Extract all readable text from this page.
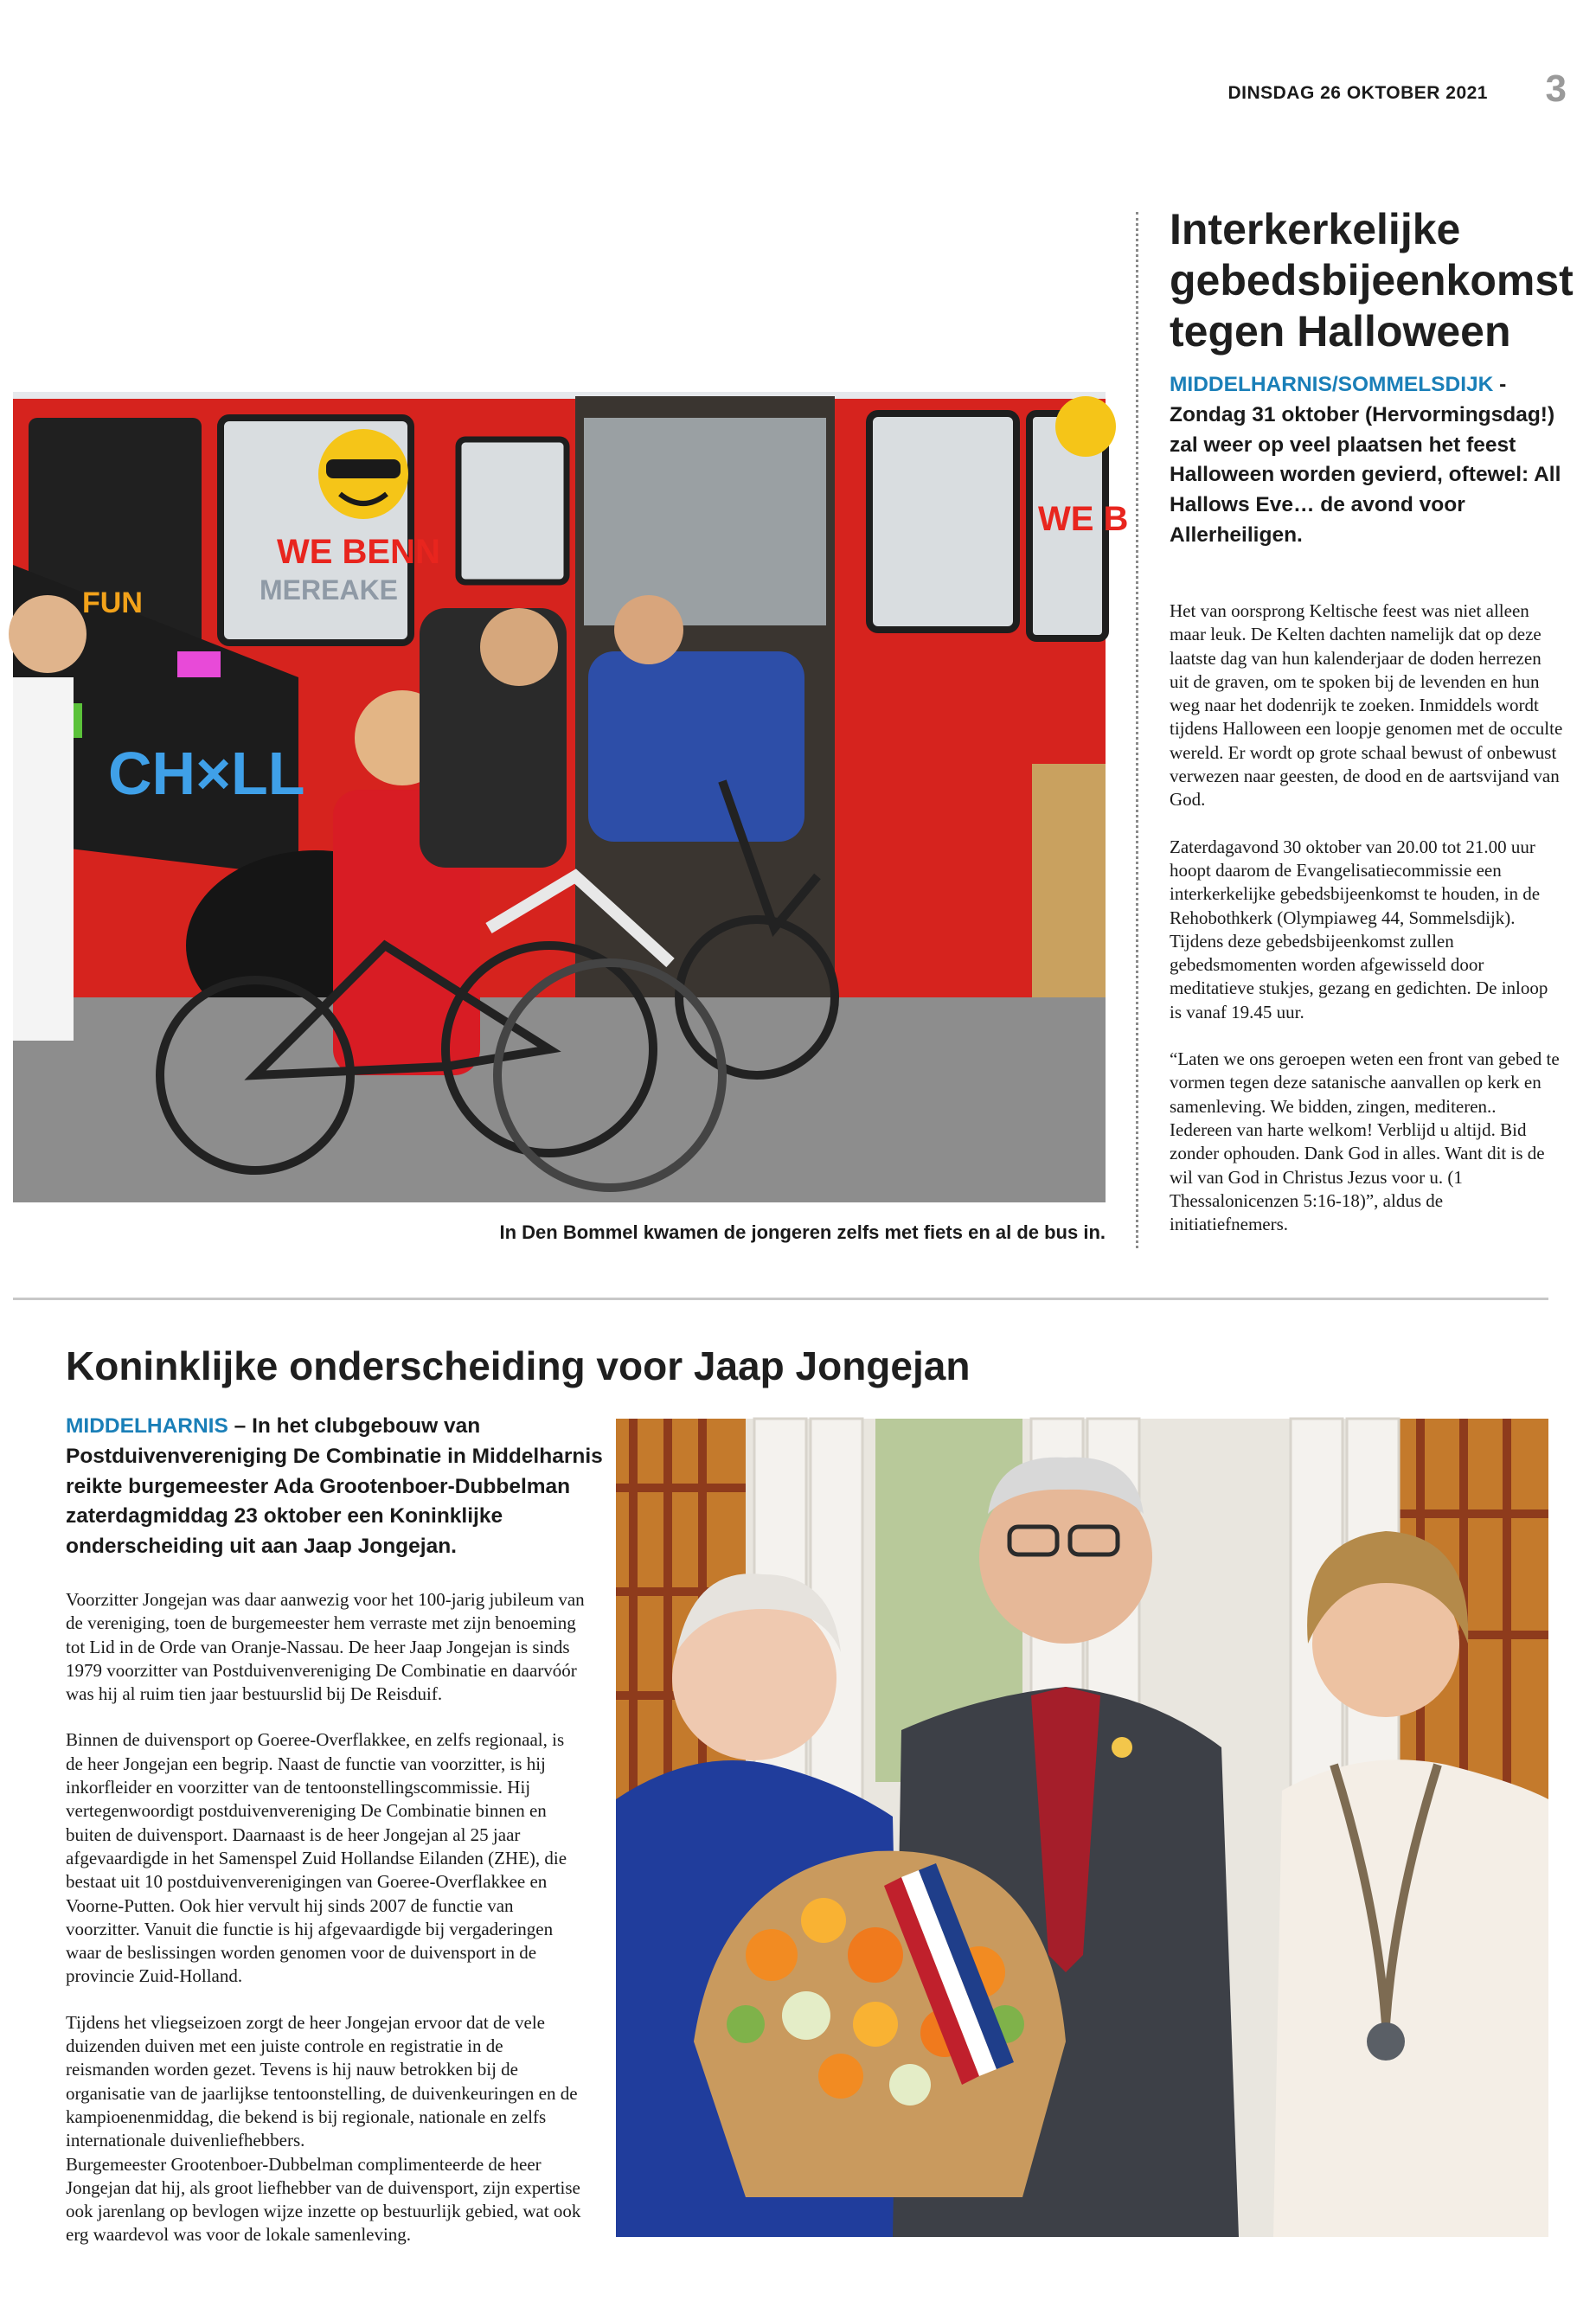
DINSDAG 26 OKTOBER 2021 3
WE BENN
MEREAKE
CH×LL
FUN
WE B
In Den Bommel kwamen de jongeren zelfs met fiets en al de bus in.
Interkerkelijke gebedsbijeenkomst tegen Halloween

MIDDELHARNIS/SOMMELSDIJK - Zondag 31 oktober (Hervormingsdag!) zal weer op veel plaatsen het feest Halloween worden gevierd, oftewel: All Hallows Eve… de avond voor Allerheiligen.

Het van oorsprong Keltische feest was niet alleen maar leuk. De Kelten dachten namelijk dat op deze laatste dag van hun kalenderjaar de doden herrezen uit de graven, om te spoken bij de levenden en hun weg naar het dodenrijk te zoeken. Inmiddels wordt tijdens Halloween een loopje genomen met de occulte wereld. Er wordt op grote schaal bewust of onbewust verwezen naar geesten, de dood en de aartsvijand van God.

Zaterdagavond 30 oktober van 20.00 tot 21.00 uur hoopt daarom de Evangelisatiecommissie een interkerkelijke gebedsbijeenkomst te houden, in de Rehobothkerk (Olympiaweg 44, Sommelsdijk). Tijdens deze gebedsbijeenkomst zullen gebedsmomenten worden afgewisseld door meditatieve stukjes, gezang en gedichten. De inloop is vanaf 19.45 uur.

“Laten we ons geroepen weten een front van gebed te vormen tegen deze satanische aanvallen op kerk en samenleving. We bidden, zingen, mediteren.. Iedereen van harte welkom! Verblijd u altijd. Bid zonder ophouden. Dank God in alles. Want dit is de wil van God in Christus Jezus voor u. (1 Thessalonicenzen 5:16-18)”, aldus de initiatiefnemers.

Koninklijke onderscheiding voor Jaap Jongejan

MIDDELHARNIS – In het clubgebouw van Postduivenvereniging De Combinatie in Middelharnis reikte burgemeester Ada Grootenboer-Dubbelman zaterdagmiddag 23 oktober een Koninklijke onderscheiding uit aan Jaap Jongejan.

Voorzitter Jongejan was daar aanwezig voor het 100-jarig jubileum van de vereniging, toen de burgemeester hem verraste met zijn benoeming tot Lid in de Orde van Oranje-Nassau. De heer Jaap Jongejan is sinds 1979 voorzitter van Postduivenvereniging De Combinatie en daarvóór was hij al ruim tien jaar bestuurslid bij De Reisduif.

Binnen de duivensport op Goeree-Overflakkee, en zelfs regionaal, is de heer Jongejan een begrip. Naast de functie van voorzitter, is hij inkorfleider en voorzitter van de tentoonstellingscommissie. Hij vertegenwoordigt postduivenvereniging De Combinatie binnen en buiten de duivensport. Daarnaast is de heer Jongejan al 25 jaar afgevaardigde in het Samenspel Zuid Hollandse Eilanden (ZHE), die bestaat uit 10 postduivenverenigingen van Goeree-Overflakkee en Voorne-Putten. Ook hier vervult hij sinds 2007 de functie van voorzitter. Vanuit die functie is hij afgevaardigde bij vergaderingen waar de beslissingen worden genomen voor de duivensport in de provincie Zuid-Holland.

Tijdens het vliegseizoen zorgt de heer Jongejan ervoor dat de vele duizenden duiven met een juiste controle en registratie in de reismanden worden gezet. Tevens is hij nauw betrokken bij de organisatie van de jaarlijkse tentoonstelling, de duivenkeuringen en de kampioenenmiddag, die bekend is bij regionale, nationale en zelfs internationale duivenliefhebbers.

Burgemeester Grootenboer-Dubbelman complimenteerde de heer Jongejan dat hij, als groot liefhebber van de duivensport, zijn expertise ook jarenlang op bevlogen wijze inzette op bestuurlijk gebied, wat ook erg waardevol was voor de lokale samenleving.
